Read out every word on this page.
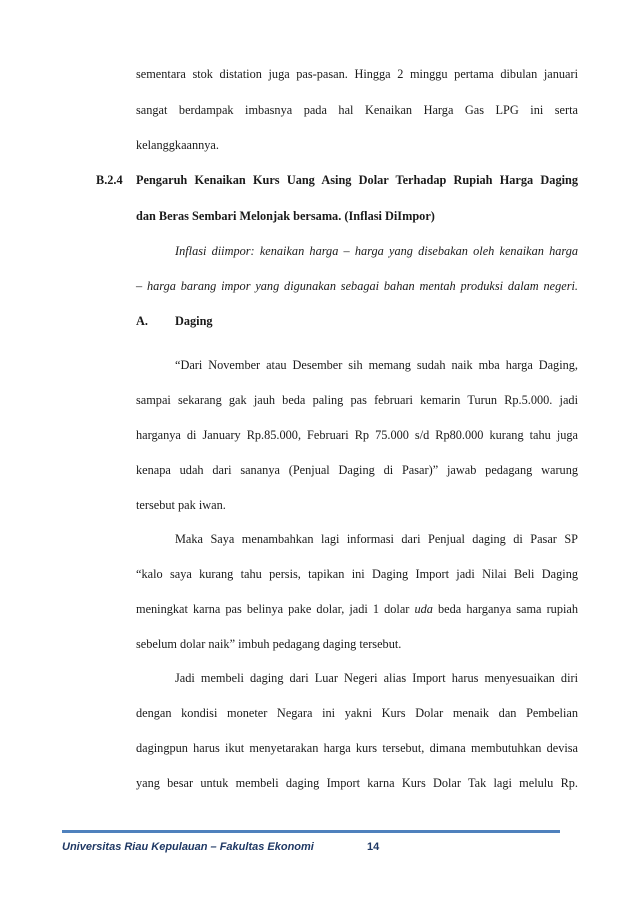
sementara stok distation juga pas-pasan. Hingga 2 minggu pertama dibulan januari
sangat berdampak imbasnya pada hal Kenaikan Harga Gas LPG ini serta
kelanggkaannya.
B.2.4 Pengaruh Kenaikan Kurs Uang Asing Dolar Terhadap Rupiah Harga Daging
dan Beras Sembari Melonjak bersama. (Inflasi DiImpor)
Inflasi diimpor: kenaikan harga – harga yang disebakan oleh kenaikan harga
– harga barang impor yang digunakan sebagai bahan mentah produksi dalam negeri.
A. Daging
“Dari November atau Desember sih memang sudah naik mba harga Daging,
sampai sekarang gak jauh beda paling pas februari kemarin Turun Rp.5.000. jadi
harganya di January Rp.85.000, Februari Rp 75.000 s/d Rp80.000 kurang tahu juga
kenapa udah dari sananya (Penjual Daging di Pasar)” jawab pedagang warung
tersebut pak iwan.
Maka Saya menambahkan lagi informasi dari Penjual daging di Pasar SP
“kalo saya kurang tahu persis, tapikan ini Daging Import jadi Nilai Beli Daging
meningkat karna pas belinya pake dolar, jadi 1 dolar uda beda harganya sama rupiah
sebelum dolar naik” imbuh pedagang daging tersebut.
Jadi membeli daging dari Luar Negeri alias Import harus menyesuaikan diri
dengan kondisi moneter Negara ini yakni Kurs Dolar menaik dan Pembelian
dagingpun harus ikut menyetarakan harga kurs tersebut, dimana membutuhkan devisa
yang besar untuk membeli daging Import karna Kurs Dolar Tak lagi melulu Rp.
Universitas Riau Kepulauan – Fakultas Ekonomi	14
